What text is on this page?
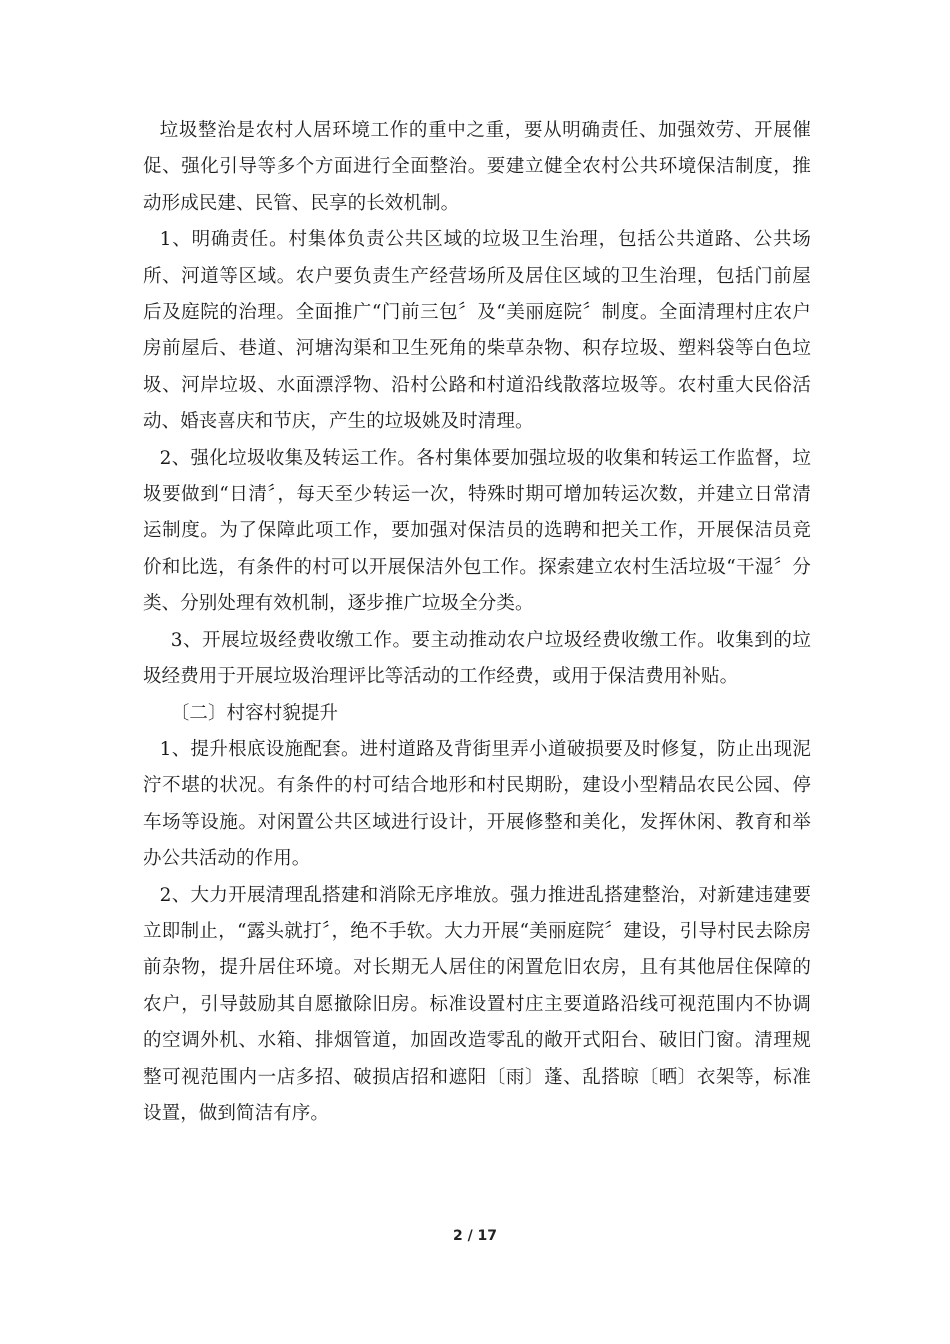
垃圾整治是农村人居环境工作的重中之重，要从明确责任、加强效劳、开展催促、强化引导等多个方面进行全面整治。要建立健全农村公共环境保洁制度，推动形成民建、民管、民享的长效机制。

1、明确责任。村集体负责公共区域的垃圾卫生治理，包括公共道路、公共场所、河道等区域。农户要负责生产经营场所及居住区域的卫生治理，包括门前屋后及庭院的治理。全面推广“门前三包〞及“美丽庭院〞制度。全面清理村庄农户房前屋后、巷道、河塘沟渠和卫生死角的柴草杂物、积存垃圾、塑料袋等白色垃圾、河岸垃圾、水面漂浮物、沿村公路和村道沿线散落垃圾等。农村重大民俗活动、婚丧喜庆和节庆，产生的垃圾姚及时清理。

2、强化垃圾收集及转运工作。各村集体要加强垃圾的收集和转运工作监督，垃圾要做到“日清〞，每天至少转运一次，特殊时期可增加转运次数，并建立日常清运制度。为了保障此项工作，要加强对保洁员的选聘和把关工作，开展保洁员竞价和比选，有条件的村可以开展保洁外包工作。探索建立农村生活垃圾“干湿〞分类、分别处理有效机制，逐步推广垃圾全分类。

3、开展垃圾经费收缴工作。要主动推动农户垃圾经费收缴工作。收集到的垃圾经费用于开展垃圾治理评比等活动的工作经费，或用于保洁费用补贴。

〔二〕村容村貌提升

1、提升根底设施配套。进村道路及背街里弄小道破损要及时修复，防止出现泥泞不堪的状况。有条件的村可结合地形和村民期盼，建设小型精品农民公园、停车场等设施。对闲置公共区域进行设计，开展修整和美化，发挥休闲、教育和举办公共活动的作用。

2、大力开展清理乱搭建和消除无序堆放。强力推进乱搭建整治，对新建违建要立即制止，“露头就打〞，绝不手软。大力开展“美丽庭院〞建设，引导村民去除房前杂物，提升居住环境。对长期无人居住的闲置危旧农房，且有其他居住保障的农户，引导鼓励其自愿撤除旧房。标准设置村庄主要道路沿线可视范围内不协调的空调外机、水箱、排烟管道，加固改造零乱的敞开式阳台、破旧门窗。清理规整可视范围内一店多招、破损店招和遮阳〔雨〕蓬、乱搭晾〔晒〕衣架等，标准设置，做到简洁有序。

2 / 17
